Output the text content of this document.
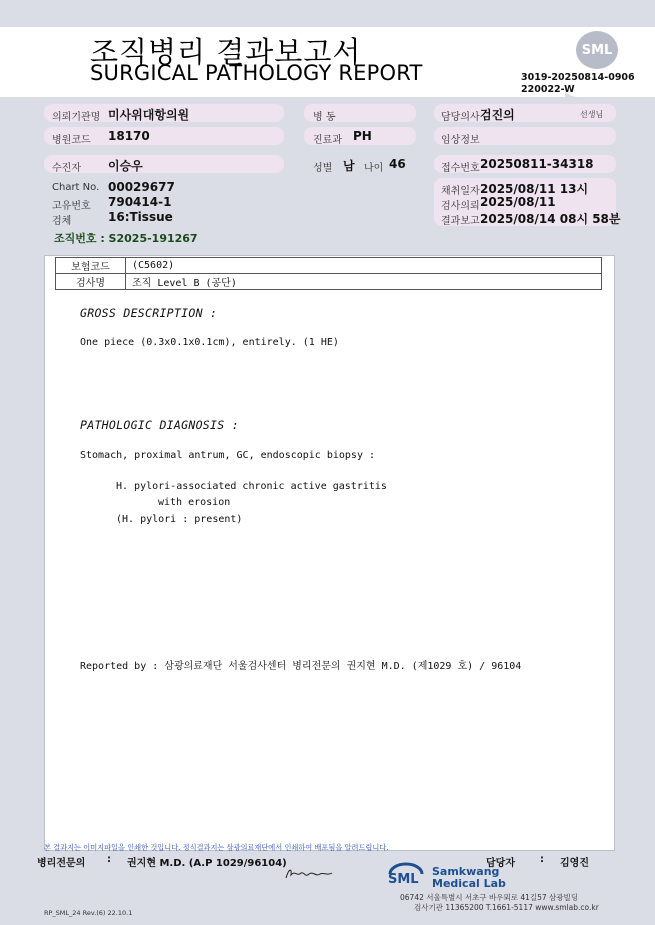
조직병리 결과보고서
SURGICAL PATHOLOGY REPORT
SML
3019-20250814-0906
220022-W
의뢰기관명 미사위대항의원
병원코드 18170
수진자 이승우
병 동
진료과 PH
성별 남 나이 46
담당의사 검진의	선생님
임상정보
접수번호 20250811-34318
Chart No. 00029677
고유번호 790414-1
검체	16:Tissue
채취일자 2025/08/11 13시
검사의뢰 2025/08/11
결과보고 2025/08/14 08시 58분
조직번호 : S2025-191267
보험코드	(C5602)
검사명	조직 Level B (공단)
GROSS DESCRIPTION :
One piece (0.3x0.1x0.1cm), entirely. (1 HE)
PATHOLOGIC DIAGNOSIS :
Stomach, proximal antrum, GC, endoscopic biopsy :
H. pylori-associated chronic active gastritis
with erosion
(H. pylori : present)
Reported by : 삼광의료재단 서울검사센터 병리전문의 권지현 M.D. (제1029 호) / 96104
본 결과지는 이미지파일을 인쇄한 것입니다. 정식결과지는 삼광의료재단에서 인쇄하여 배포됨을 알려드립니다.
병리전문의 : 권지현 M.D. (A.P 1029/96104)	담당자	: 김영진
SML
Samkwang
Medical Lab
06742 서울특별시 서초구 바우뫼로 41길57 삼광빌딩
검사기관 11365200 T.1661-5117 www.smlab.co.kr
RP_SML_24 Rev.(6) 22.10.1
